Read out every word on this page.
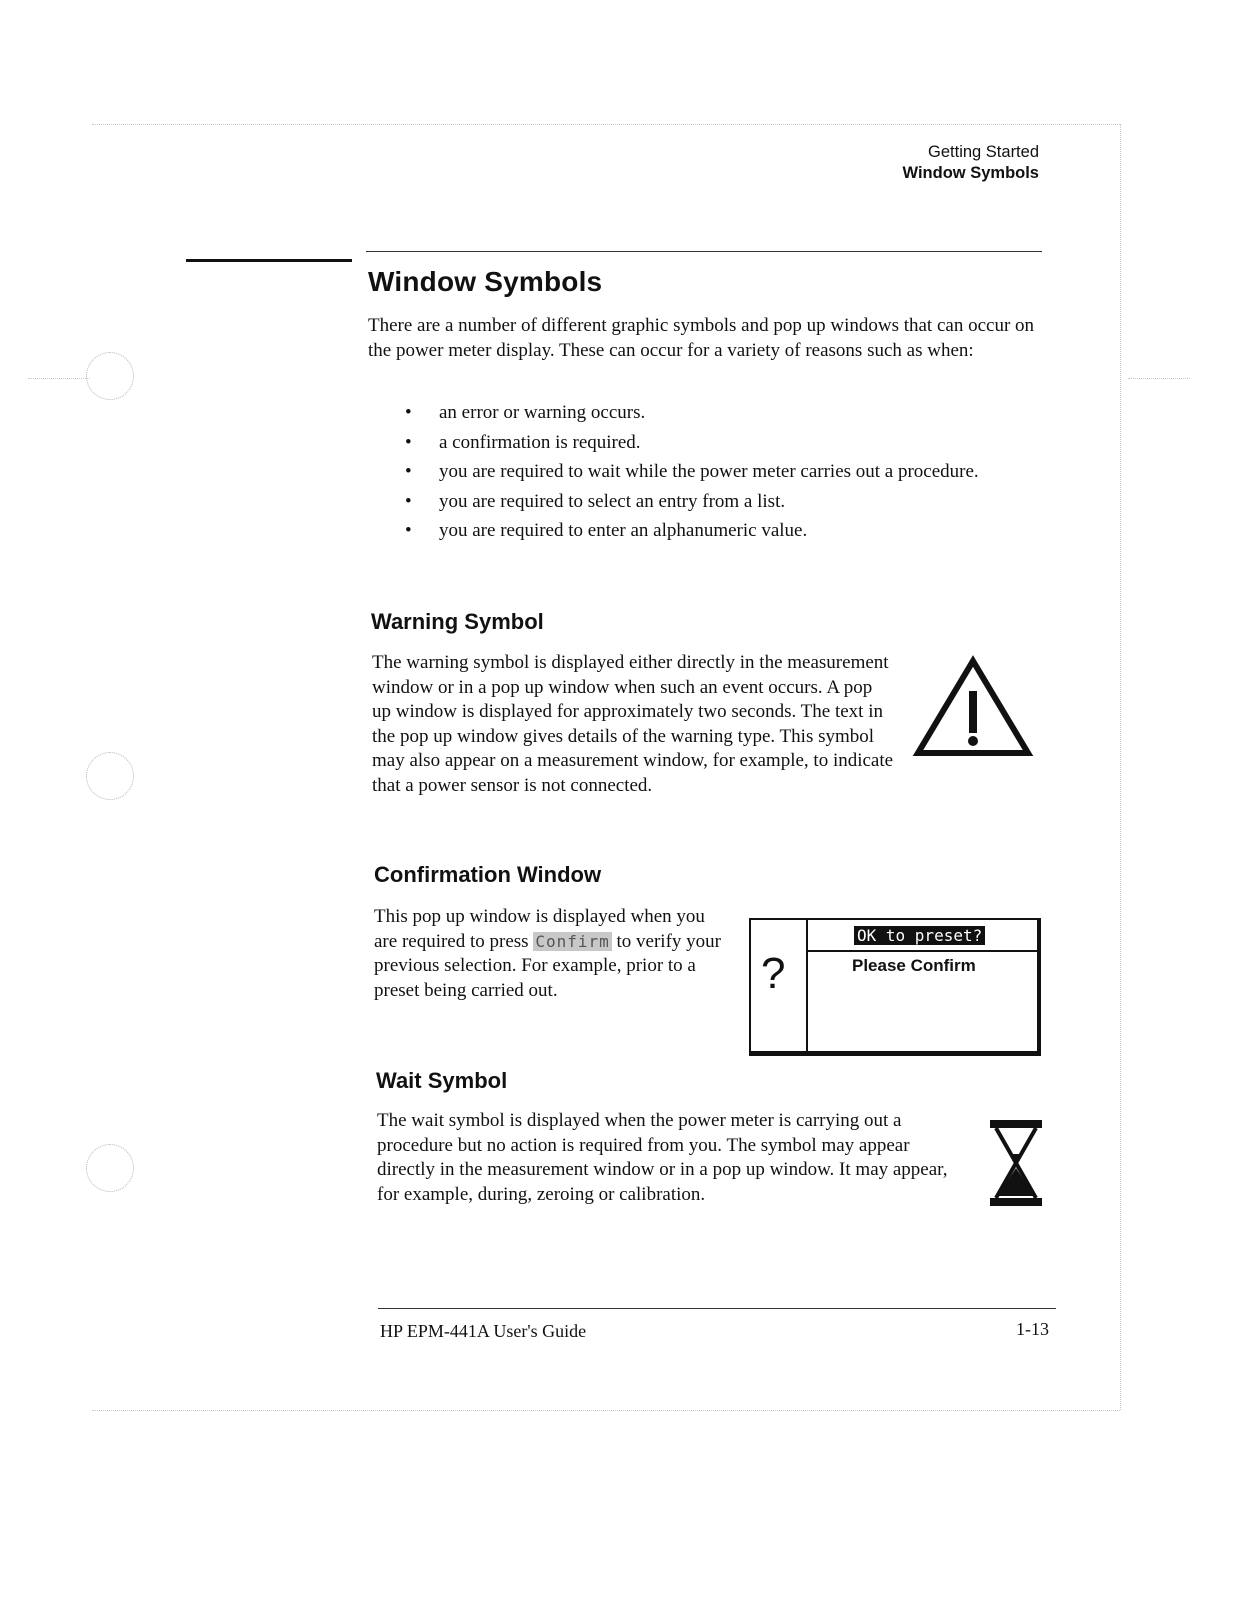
Getting Started
Window Symbols
Window Symbols

There are a number of different graphic symbols and pop up windows that can occur on the power meter display. These can occur for a variety of reasons such as when:

• an error or warning occurs.
• a confirmation is required.
• you are required to wait while the power meter carries out a procedure.
• you are required to select an entry from a list.
• you are required to enter an alphanumeric value.
Warning Symbol

The warning symbol is displayed either directly in the measurement window or in a pop up window when such an event occurs. A pop up window is displayed for approximately two seconds. The text in the pop up window gives details of the warning type. This symbol may also appear on a measurement window, for example, to indicate that a power sensor is not connected.

Confirmation Window

This pop up window is displayed when you are required to press Confirm to verify your previous selection. For example, prior to a preset being carried out.	?
OK to preset?
Please Confirm
Wait Symbol

The wait symbol is displayed when the power meter is carrying out a procedure but no action is required from you. The symbol may appear directly in the measurement window or in a pop up window. It may appear, for example, during, zeroing or calibration.

HP EPM-441A User's Guide	1-13
